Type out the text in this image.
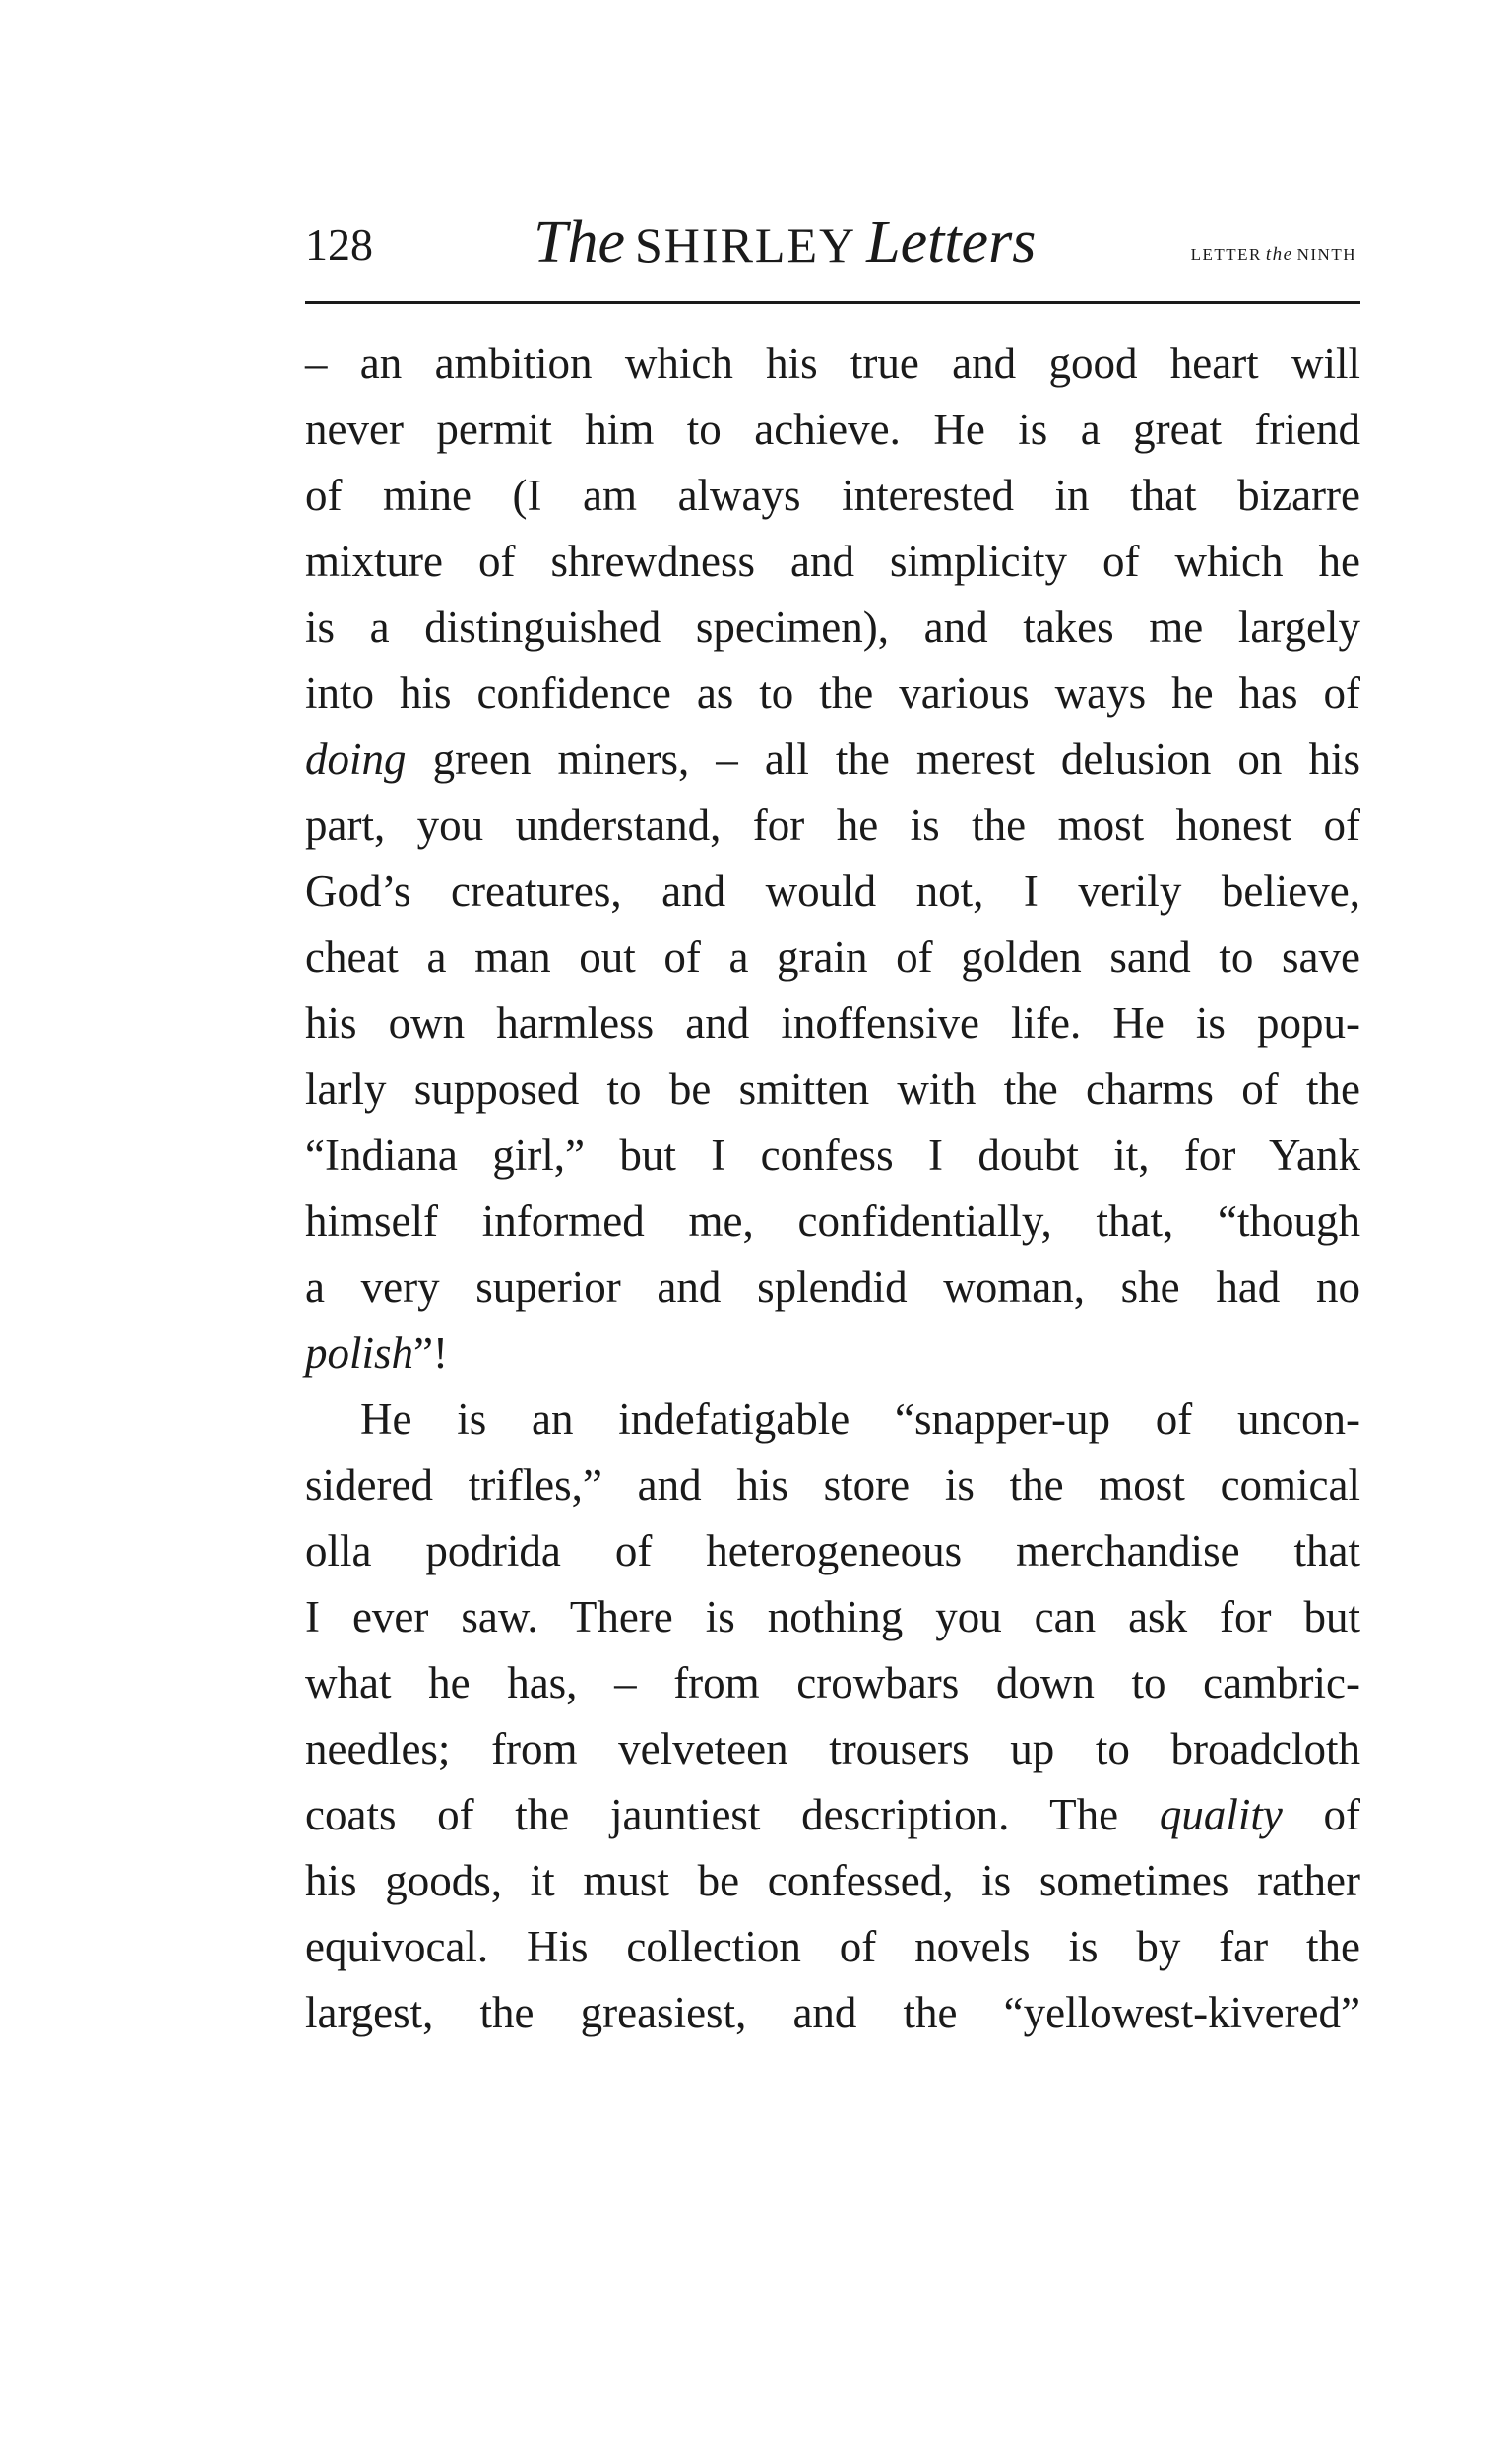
128	The SHIRLEY Letters	LETTER the NINTH
– an ambition which his true and good heart will
never permit him to achieve. He is a great friend
of mine (I am always interested in that bizarre
mixture of shrewdness and simplicity of which he
is a distinguished specimen), and takes me largely
into his confidence as to the various ways he has of
doing green miners, – all the merest delusion on his
part, you understand, for he is the most honest of
God’s creatures, and would not, I verily believe,
cheat a man out of a grain of golden sand to save
his own harmless and inoffensive life. He is popu-
larly supposed to be smitten with the charms of the
“Indiana girl,” but I confess I doubt it, for Yank
himself informed me, confidentially, that, “though
a very superior and splendid woman, she had no
polish”!
He is an indefatigable “snapper-up of uncon-
sidered trifles,” and his store is the most comical
olla podrida of heterogeneous merchandise that
I ever saw. There is nothing you can ask for but
what he has, – from crowbars down to cambric-
needles; from velveteen trousers up to broadcloth
coats of the jauntiest description. The quality of
his goods, it must be confessed, is sometimes rather
equivocal. His collection of novels is by far the
largest, the greasiest, and the “yellowest-kivered”
